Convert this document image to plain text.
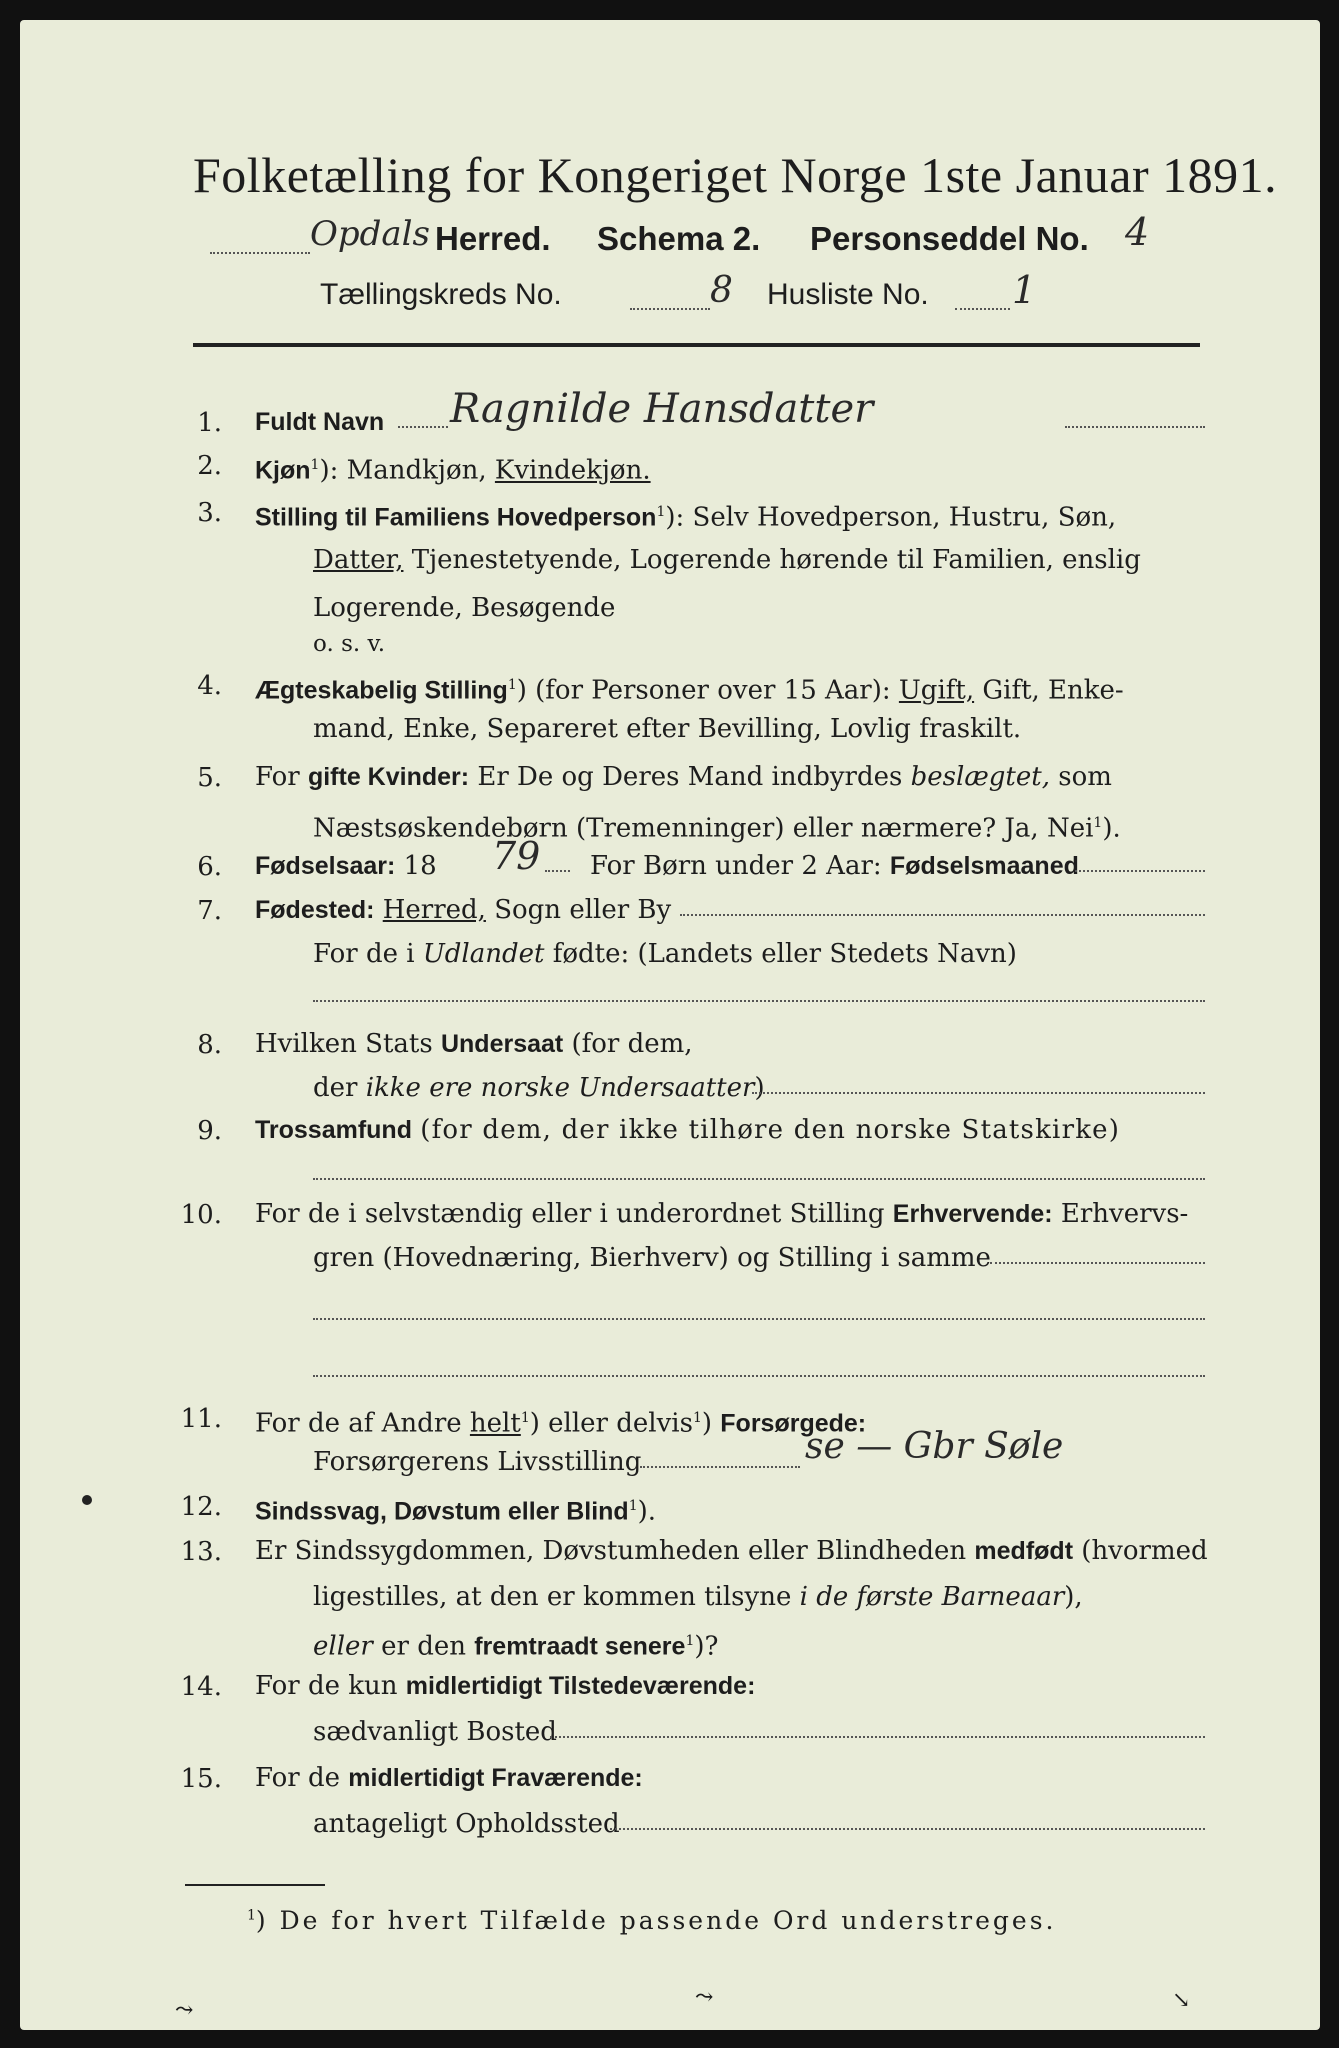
Folketælling for Kongeriget Norge 1ste Januar 1891.
Opdals Herred. Schema 2. Personseddel No. 4
Tællingskreds No.	8 Husliste No. 1
1. Fuldt Navn Ragnilde Hansdatter
2. Kjøn$^1$): Mandkjøn, Kvindekjøn.
3. Stilling til Familiens Hovedperson$^1$): Selv Hovedperson, Hustru, Søn,
Datter, Tjenestetyende, Logerende hørende til Familien, enslig
Logerende, Besøgende
o. s. v.
4. Ægteskabelig Stilling$^1$) (for Personer over 15 Aar): Ugift, Gift, Enke-
mand, Enke, Separeret efter Bevilling, Lovlig fraskilt.
5. For gifte Kvinder: Er De og Deres Mand indbyrdes beslægtet, som
Næstsøskendebørn (Tremenninger) eller nærmere? Ja, Nei$^1$).
6. Fødselsaar: 18 79 For Børn under 2 Aar: Fødselsmaaned
7. Fødested: Herred, Sogn eller By
For de i Udlandet fødte: (Landets eller Stedets Navn)
8. Hvilken Stats Undersaat (for dem,
der ikke ere norske Undersaatter)
9. Trossamfund (for dem, der ikke tilhøre den norske Statskirke)
10. For de i selvstændig eller i underordnet Stilling Erhvervende: Erhvervs-
gren (Hovednæring, Bierhverv) og Stilling i samme
11. For de af Andre helt$^1$) eller delvis$^1$) Forsørgede:
Forsørgerens Livsstilling	se — Gbr Søle
12. Sindssvag, Døvstum eller Blind$^1$).
13. Er Sindssygdommen, Døvstumheden eller Blindheden medfødt (hvormed
ligestilles, at den er kommen tilsyne i de første Barneaar),
eller er den fremtraadt senere$^1$)?
14. For de kun midlertidigt Tilstedeværende:
sædvanligt Bosted
15. For de midlertidigt Fraværende:
antageligt Opholdssted
$^1$) De for hvert Tilfælde passende Ord understreges.
⤳
⤳	↘
